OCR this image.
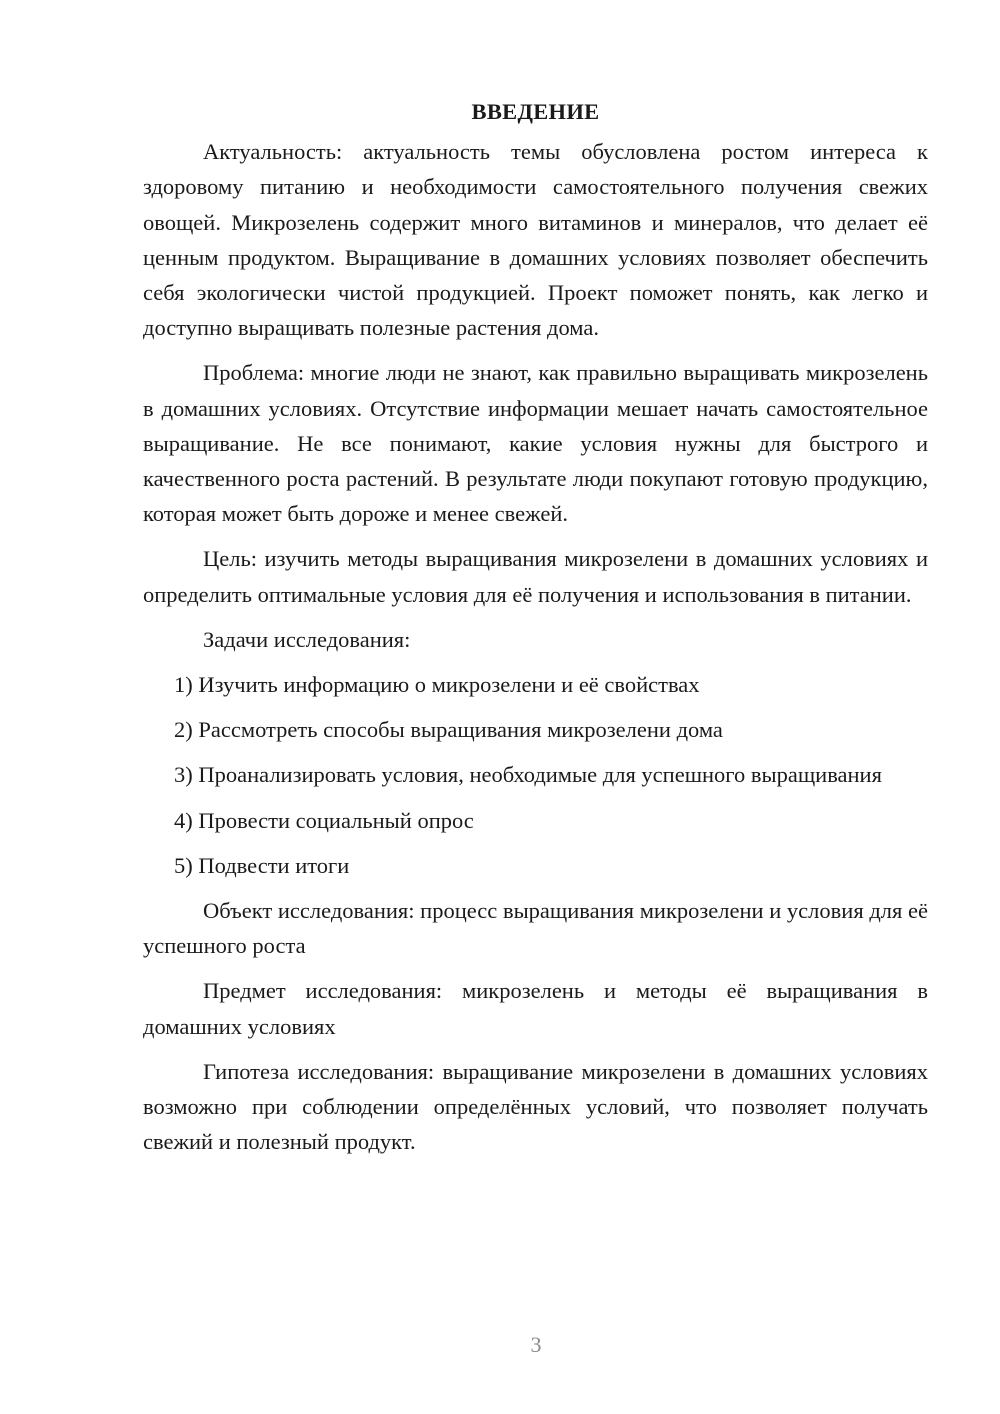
ВВЕДЕНИЕ

Актуальность: актуальность темы обусловлена ростом интереса к здоровому питанию и необходимости самостоятельного получения свежих овощей. Микрозелень содержит много витаминов и минералов, что делает её ценным продуктом. Выращивание в домашних условиях позволяет обеспечить себя экологически чистой продукцией. Проект поможет понять, как легко и доступно выращивать полезные растения дома.

Проблема: многие люди не знают, как правильно выращивать микрозелень в домашних условиях. Отсутствие информации мешает начать самостоятельное выращивание. Не все понимают, какие условия нужны для быстрого и качественного роста растений. В результате люди покупают готовую продукцию, которая может быть дороже и менее свежей.

Цель: изучить методы выращивания микрозелени в домашних условиях и определить оптимальные условия для её получения и использования в питании.

Задачи исследования:

1) Изучить информацию о микрозелени и её свойствах

2) Рассмотреть способы выращивания микрозелени дома

3) Проанализировать условия, необходимые для успешного выращивания

4) Провести социальный опрос

5) Подвести итоги

Объект исследования: процесс выращивания микрозелени и условия для её успешного роста

Предмет исследования: микрозелень и методы её выращивания в домашних условиях

Гипотеза исследования: выращивание микрозелени в домашних условиях возможно при соблюдении определённых условий, что позволяет получать свежий и полезный продукт.

3
